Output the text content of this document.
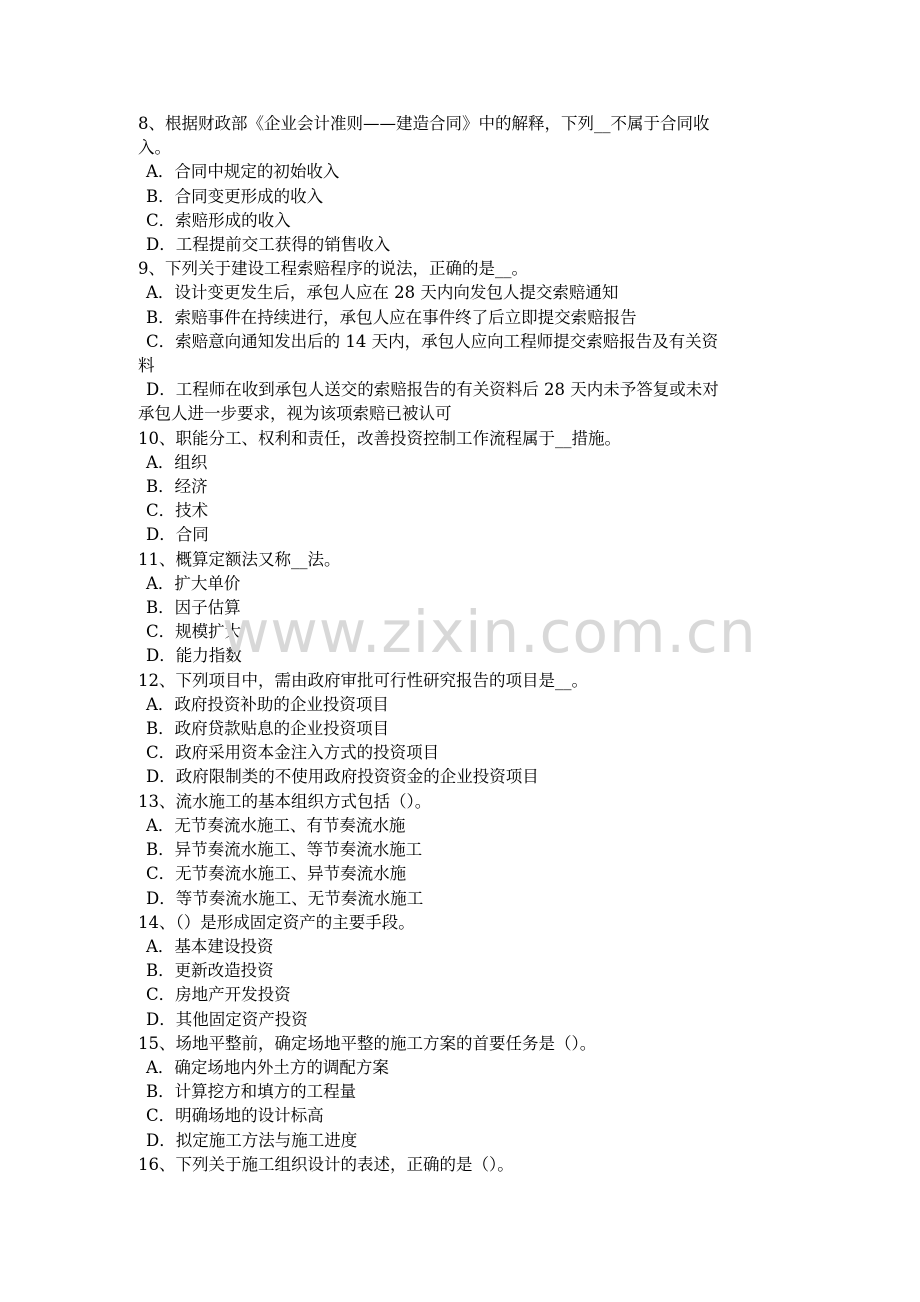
8、根据财政部《企业会计准则——建造合同》中的解释，下列__不属于合同收

入。

A．合同中规定的初始收入

B．合同变更形成的收入

C．索赔形成的收入

D．工程提前交工获得的销售收入

9、下列关于建设工程索赔程序的说法，正确的是__。

A．设计变更发生后，承包人应在 28 天内向发包人提交索赔通知

B．索赔事件在持续进行，承包人应在事件终了后立即提交索赔报告

C．索赔意向通知发出后的 14 天内，承包人应向工程师提交索赔报告及有关资

料

D．工程师在收到承包人送交的索赔报告的有关资料后 28 天内未予答复或未对

承包人进一步要求，视为该项索赔已被认可

10、职能分工、权利和责任，改善投资控制工作流程属于__措施。

A．组织

B．经济

C．技术

D．合同

11、概算定额法又称__法。

A．扩大单价

B．因子估算

C．规模扩大

D．能力指数

12、下列项目中，需由政府审批可行性研究报告的项目是__。

A．政府投资补助的企业投资项目

B．政府贷款贴息的企业投资项目

C．政府采用资本金注入方式的投资项目

D．政府限制类的不使用政府投资资金的企业投资项目

13、流水施工的基本组织方式包括（）。

A．无节奏流水施工、有节奏流水施

B．异节奏流水施工、等节奏流水施工

C．无节奏流水施工、异节奏流水施

D．等节奏流水施工、无节奏流水施工

14、（）是形成固定资产的主要手段。

A．基本建设投资

B．更新改造投资

C．房地产开发投资

D．其他固定资产投资

15、场地平整前，确定场地平整的施工方案的首要任务是（）。

A．确定场地内外土方的调配方案

B．计算挖方和填方的工程量

C．明确场地的设计标高

D．拟定施工方法与施工进度

16、下列关于施工组织设计的表述，正确的是（）。

www.zixin.com.cn
